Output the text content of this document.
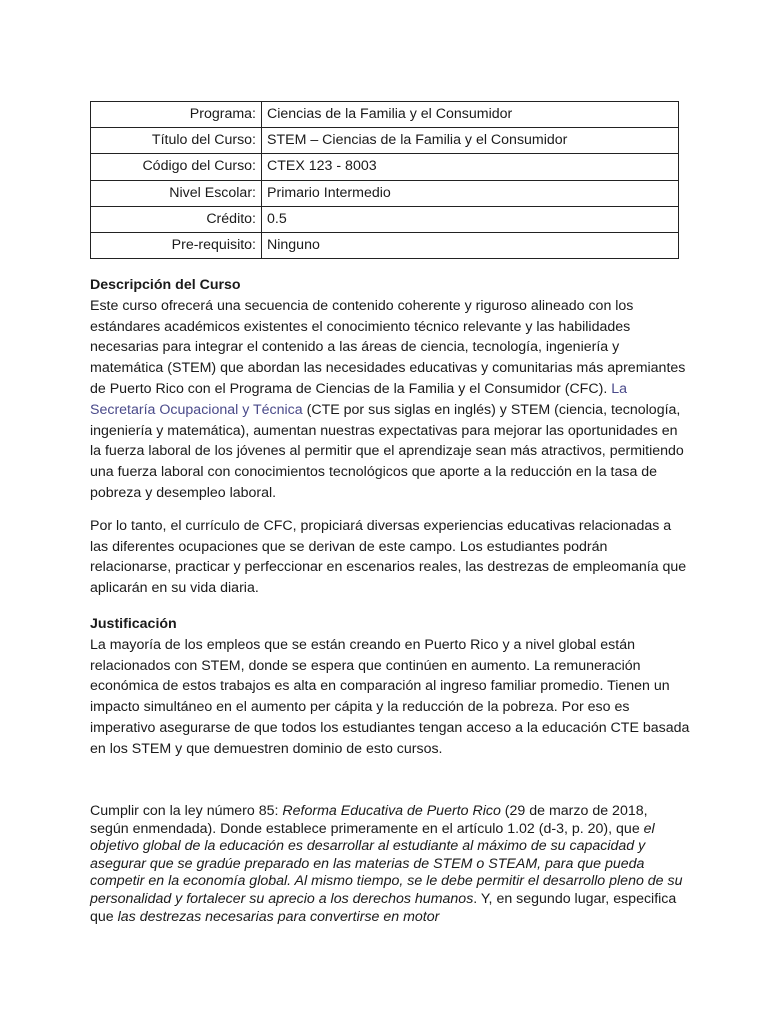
Programa:	Ciencias de la Familia y el Consumidor
Título del Curso:	STEM – Ciencias de la Familia y el Consumidor
Código del Curso:	CTEX 123 - 8003
Nivel Escolar:	Primario Intermedio
Crédito:	0.5
Pre-requisito:	Ninguno
Descripción del Curso

Este curso ofrecerá una secuencia de contenido coherente y riguroso alineado con los estándares académicos existentes el conocimiento técnico relevante y las habilidades necesarias para integrar el contenido a las áreas de ciencia, tecnología, ingeniería y matemática (STEM) que abordan las necesidades educativas y comunitarias más apremiantes de Puerto Rico con el Programa de Ciencias de la Familia y el Consumidor (CFC). La Secretaría Ocupacional y Técnica (CTE por sus siglas en inglés) y STEM (ciencia, tecnología, ingeniería y matemática), aumentan nuestras expectativas para mejorar las oportunidades en la fuerza laboral de los jóvenes al permitir que el aprendizaje sean más atractivos, permitiendo una fuerza laboral con conocimientos tecnológicos que aporte a la reducción en la tasa de pobreza y desempleo laboral.

Por lo tanto, el currículo de CFC, propiciará diversas experiencias educativas relacionadas a las diferentes ocupaciones que se derivan de este campo. Los estudiantes podrán relacionarse, practicar y perfeccionar en escenarios reales, las destrezas de empleomanía que aplicarán en su vida diaria.

Justificación

La mayoría de los empleos que se están creando en Puerto Rico y a nivel global están relacionados con STEM, donde se espera que continúen en aumento. La remuneración económica de estos trabajos es alta en comparación al ingreso familiar promedio. Tienen un impacto simultáneo en el aumento per cápita y la reducción de la pobreza. Por eso es imperativo asegurarse de que todos los estudiantes tengan acceso a la educación CTE basada en los STEM y que demuestren dominio de esto cursos.

Cumplir con la ley número 85: Reforma Educativa de Puerto Rico (29 de marzo de 2018, según enmendada). Donde establece primeramente en el artículo 1.02 (d-3, p. 20), que el objetivo global de la educación es desarrollar al estudiante al máximo de su capacidad y asegurar que se gradúe preparado en las materias de STEM o STEAM, para que pueda competir en la economía global. Al mismo tiempo, se le debe permitir el desarrollo pleno de su personalidad y fortalecer su aprecio a los derechos humanos. Y, en segundo lugar, especifica que las destrezas necesarias para convertirse en motor
